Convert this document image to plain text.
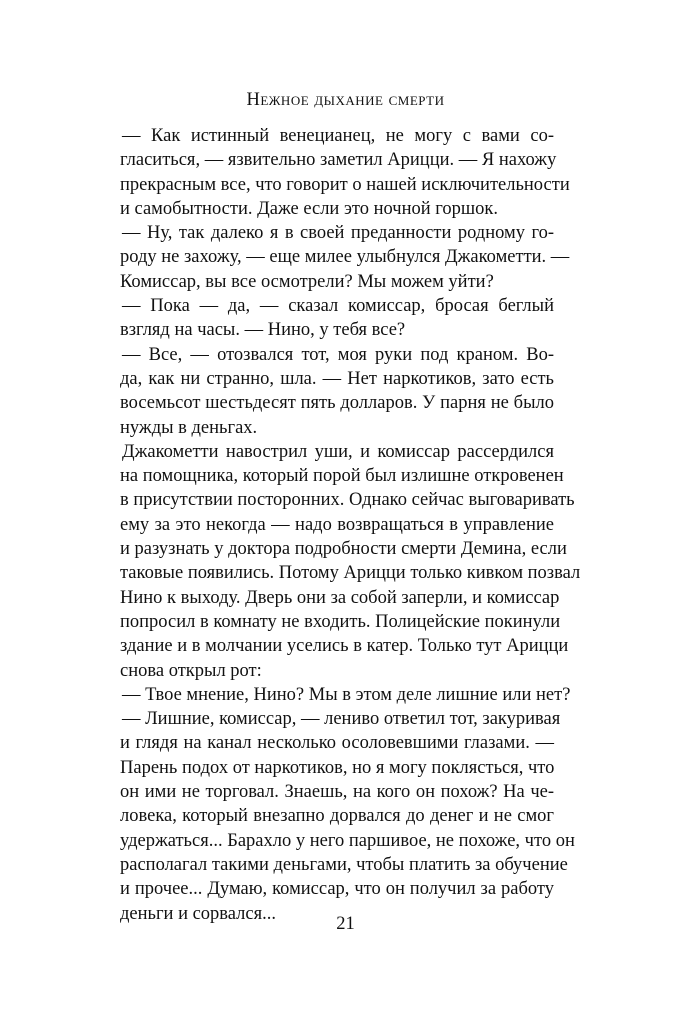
Нежное дыхание смерти

— Как истинный венецианец, не могу с вами со-
гласиться, — язвительно заметил Арицци. — Я нахожу
прекрасным все, что говорит о нашей исключительности
и самобытности. Даже если это ночной горшок.

— Ну, так далеко я в своей преданности родному го-
роду не захожу, — еще милее улыбнулся Джакометти. —
Комиссар, вы все осмотрели? Мы можем уйти?

— Пока — да, — сказал комиссар, бросая беглый
взгляд на часы. — Нино, у тебя все?

— Все, — отозвался тот, моя руки под краном. Во-
да, как ни странно, шла. — Нет наркотиков, зато есть
восемьсот шестьдесят пять долларов. У парня не было
нужды в деньгах.

Джакометти навострил уши, и комиссар рассердился
на помощника, который порой был излишне откровенен
в присутствии посторонних. Однако сейчас выговаривать
ему за это некогда — надо возвращаться в управление
и разузнать у доктора подробности смерти Демина, если
таковые появились. Потому Арицци только кивком позвал
Нино к выходу. Дверь они за собой заперли, и комиссар
попросил в комнату не входить. Полицейские покинули
здание и в молчании уселись в катер. Только тут Арицци
снова открыл рот:

— Твое мнение, Нино? Мы в этом деле лишние или нет?

— Лишние, комиссар, — лениво ответил тот, закуривая
и глядя на канал несколько осоловевшими глазами. —
Парень подох от наркотиков, но я могу поклясться, что
он ими не торговал. Знаешь, на кого он похож? На че-
ловека, который внезапно дорвался до денег и не смог
удержаться... Барахло у него паршивое, не похоже, что он
располагал такими деньгами, чтобы платить за обучение
и прочее... Думаю, комиссар, что он получил за работу
деньги и сорвался...

21
